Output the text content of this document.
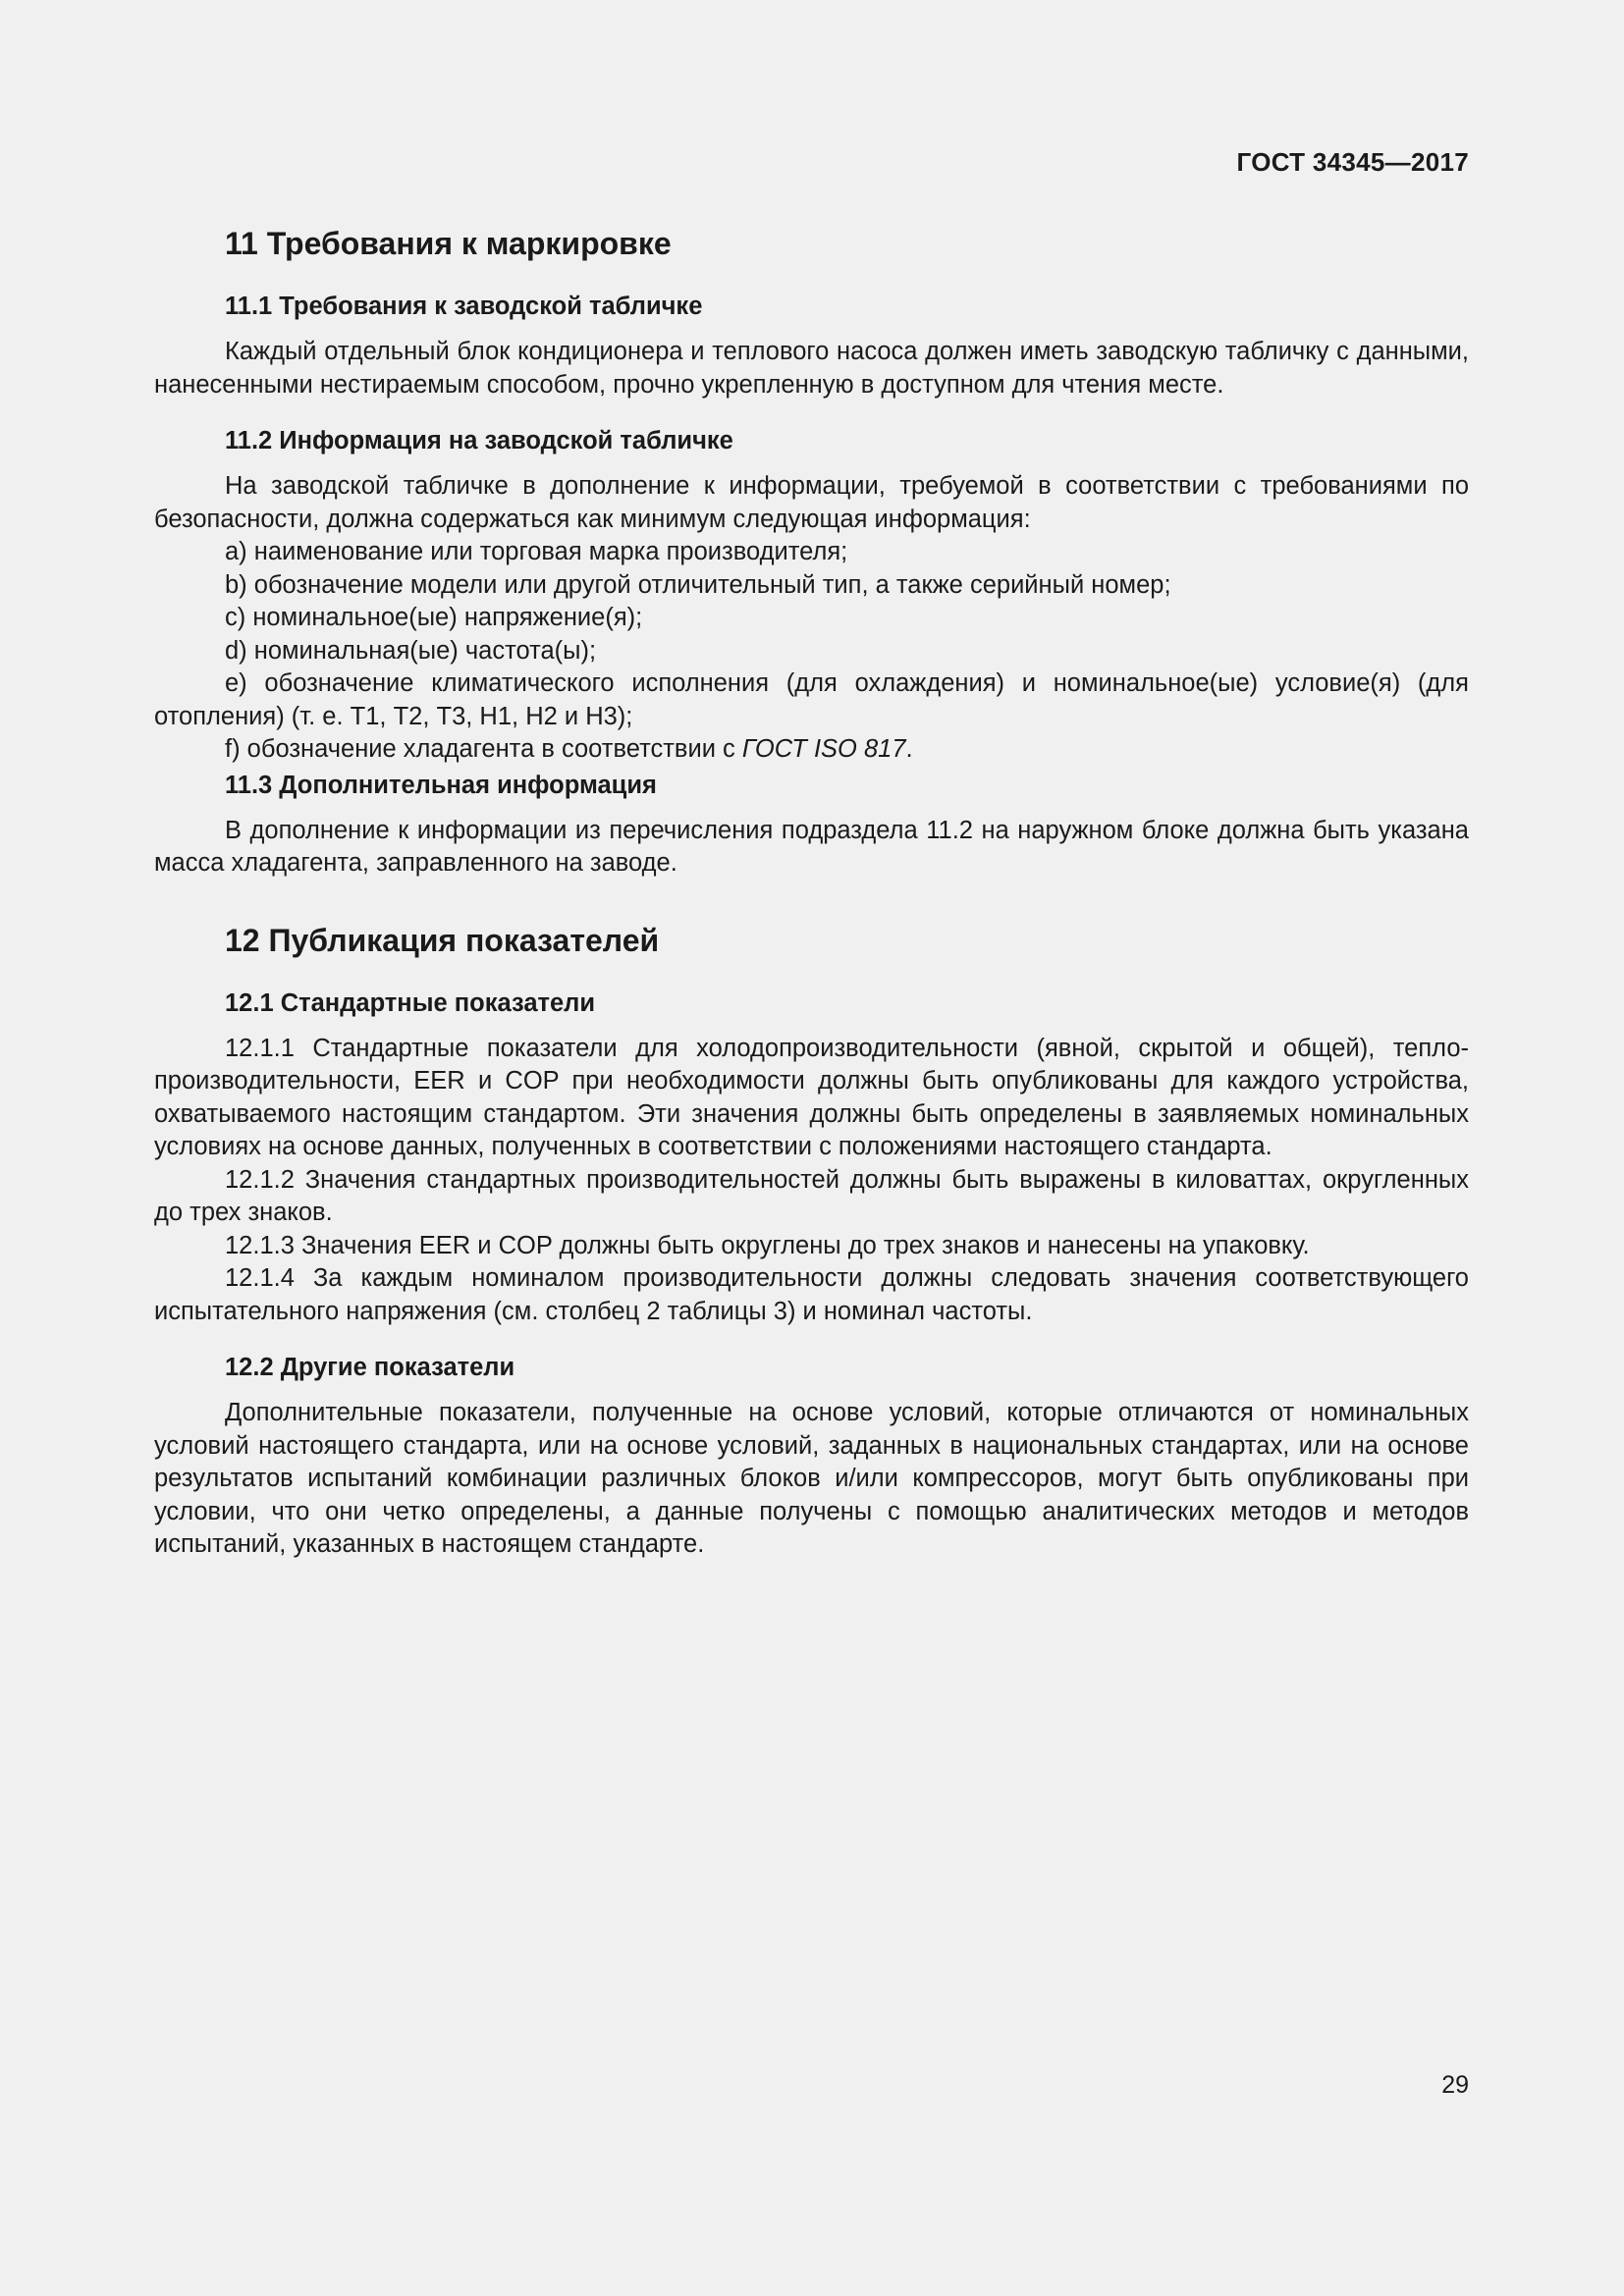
ГОСТ 34345—2017
11 Требования к маркировке
11.1 Требования к заводской табличке

Каждый отдельный блок кондиционера и теплового насоса должен иметь заводскую табличку с данными, нанесенными нестираемым способом, прочно укрепленную в доступном для чтения месте.

11.2 Информация на заводской табличке

На заводской табличке в дополнение к информации, требуемой в соответствии с требованиями по безопасности, должна содержаться как минимум следующая информация:

a) наименование или торговая марка производителя;

b) обозначение модели или другой отличительный тип, а также серийный номер;

c) номинальное(ые) напряжение(я);

d) номинальная(ые) частота(ы);

e) обозначение климатического исполнения (для охлаждения) и номинальное(ые) условие(я) (для отопления) (т. е. Т1, Т2, Т3, Н1, Н2 и Н3);

f) обозначение хладагента в соответствии с ГОСТ ISO 817.

11.3 Дополнительная информация

В дополнение к информации из перечисления подраздела 11.2 на наружном блоке должна быть указана масса хладагента, заправленного на заводе.

12 Публикация показателей
12.1 Стандартные показатели

12.1.1 Стандартные показатели для холодопроизводительности (явной, скрытой и общей), теплопроизводительности, EER и COP при необходимости должны быть опубликованы для каждого устройства, охватываемого настоящим стандартом. Эти значения должны быть определены в заявляемых номинальных условиях на основе данных, полученных в соответствии с положениями настоящего стандарта.

12.1.2 Значения стандартных производительностей должны быть выражены в киловаттах, округленных до трех знаков.

12.1.3 Значения EER и COP должны быть округлены до трех знаков и нанесены на упаковку.

12.1.4 За каждым номиналом производительности должны следовать значения соответствующего испытательного напряжения (см. столбец 2 таблицы 3) и номинал частоты.

12.2 Другие показатели

Дополнительные показатели, полученные на основе условий, которые отличаются от номинальных условий настоящего стандарта, или на основе условий, заданных в национальных стандартах, или на основе результатов испытаний комбинации различных блоков и/или компрессоров, могут быть опубликованы при условии, что они четко определены, а данные получены с помощью аналитических методов и методов испытаний, указанных в настоящем стандарте.

29
